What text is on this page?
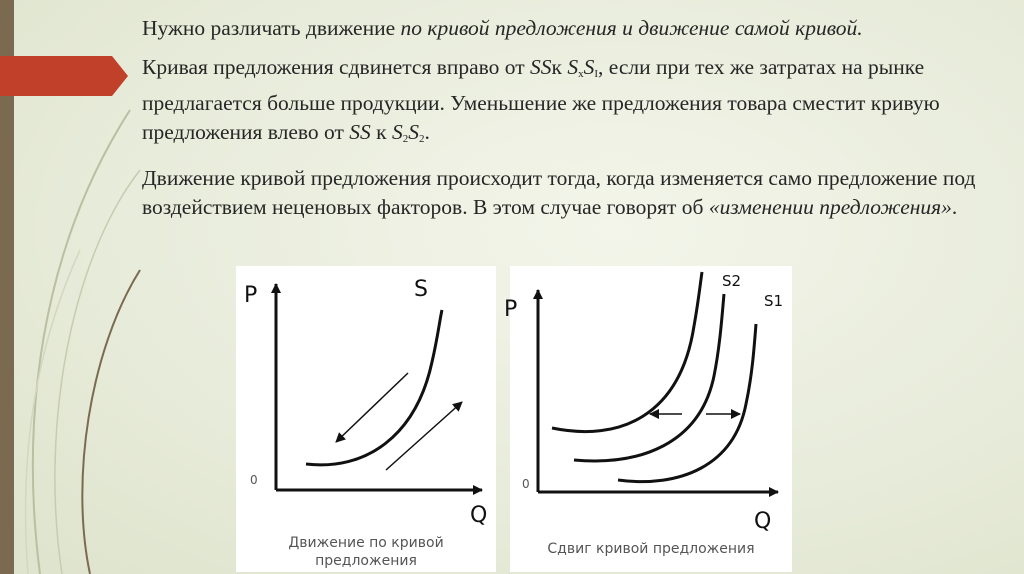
Нужно различать движение по кривой предложения и движение самой кривой.

Кривая предложения сдвинется вправо от SSк $S_xS_I$, если при тех же затратах на рынке предлагается больше продукции. Уменьшение же предложения товара сместит кривую предложения влево от SS к $S_2S_2$.

Движение кривой предложения происходит тогда, когда изменяется само предложение под воздействием неценовых факторов. В этом случае говорят об «изменении предложения».

P
Q
0
S
Движение по кривой
предложения
P
Q
0
S2
S1
Сдвиг кривой предложения
